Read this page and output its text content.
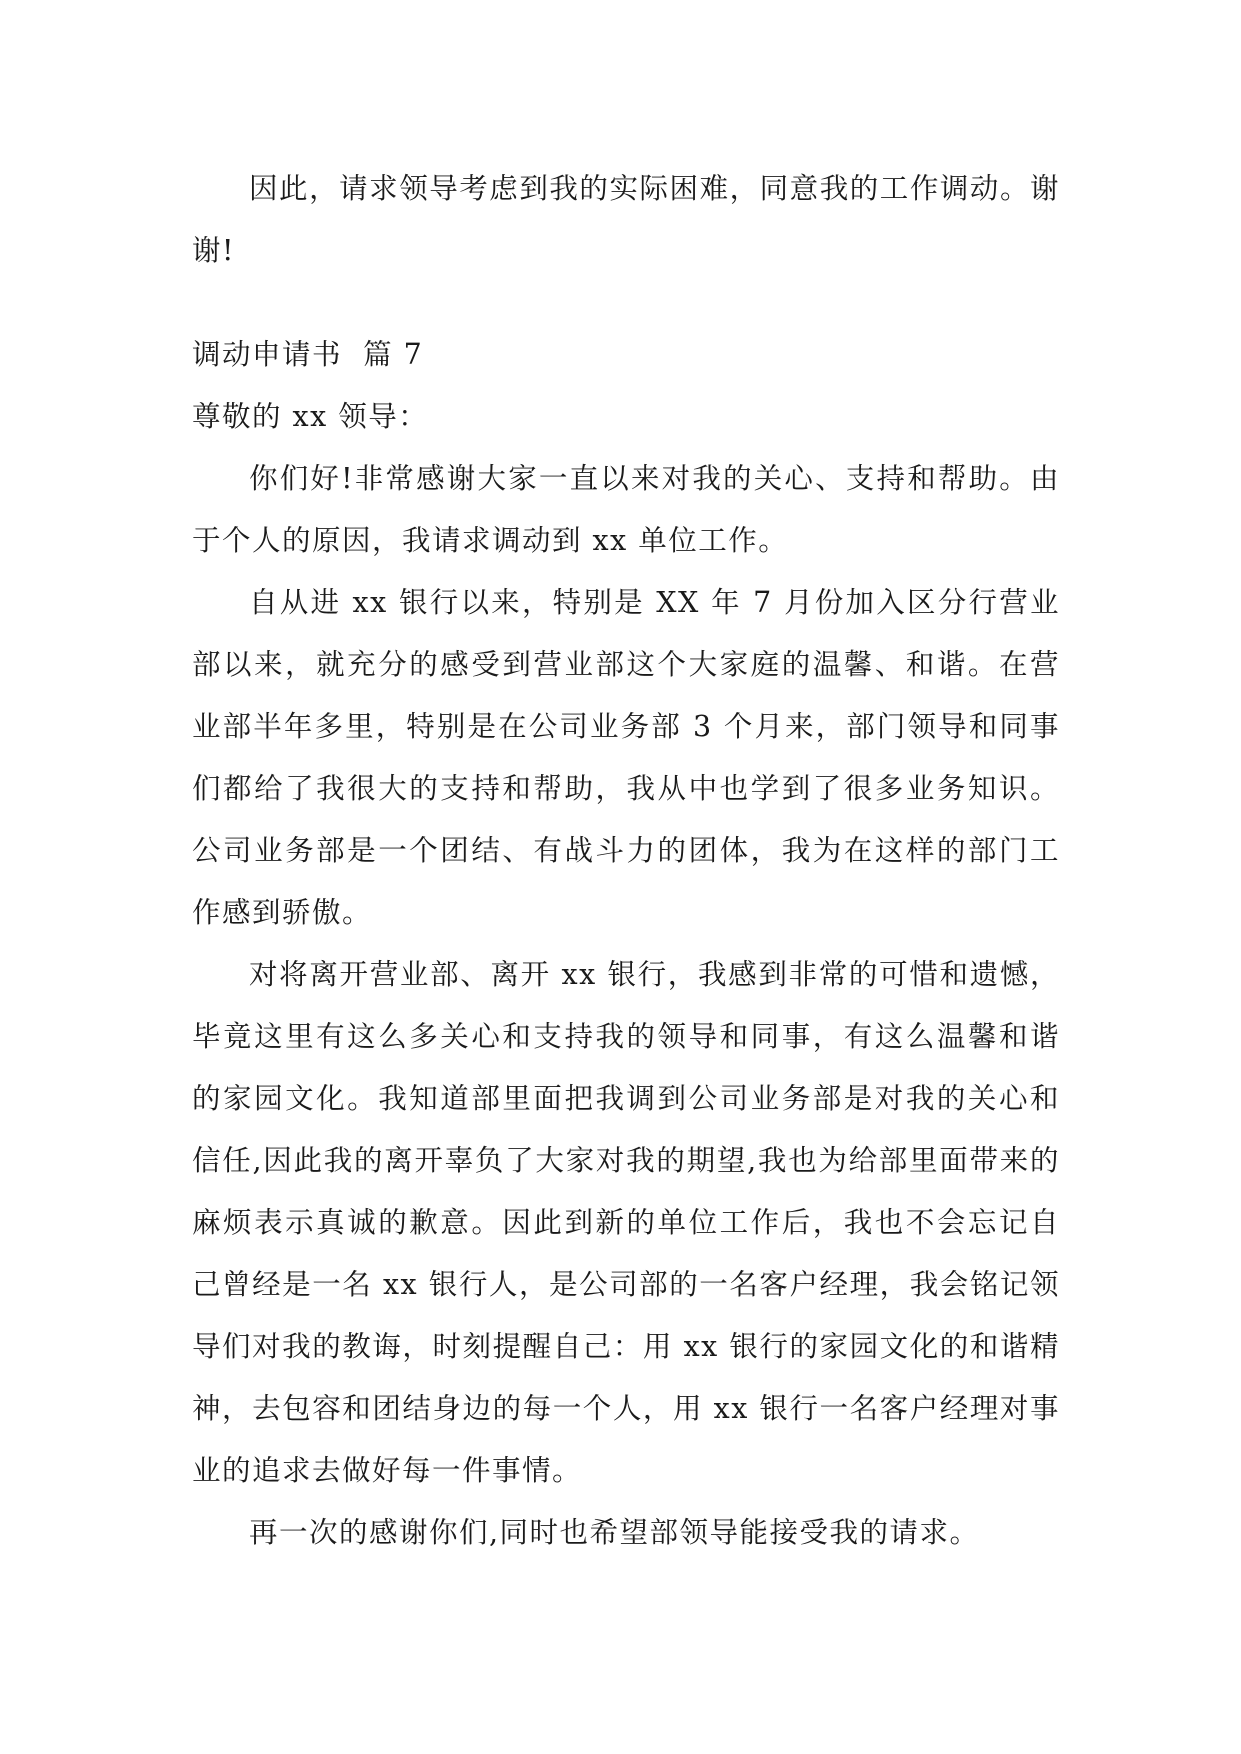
因此，请求领导考虑到我的实际困难，同意我的工作调动。谢谢!

调动申请书  篇 7

尊敬的 xx 领导：

你们好!非常感谢大家一直以来对我的关心、支持和帮助。由于个人的原因，我请求调动到 xx 单位工作。

自从进 xx 银行以来，特别是 XX 年 7 月份加入区分行营业部以来，就充分的感受到营业部这个大家庭的温馨、和谐。在营业部半年多里，特别是在公司业务部 3 个月来，部门领导和同事们都给了我很大的支持和帮助，我从中也学到了很多业务知识。公司业务部是一个团结、有战斗力的团体，我为在这样的部门工作感到骄傲。

对将离开营业部、离开 xx 银行，我感到非常的可惜和遗憾，毕竟这里有这么多关心和支持我的领导和同事，有这么温馨和谐的家园文化。我知道部里面把我调到公司业务部是对我的关心和信任,因此我的离开辜负了大家对我的期望,我也为给部里面带来的麻烦表示真诚的歉意。因此到新的单位工作后，我也不会忘记自己曾经是一名 xx 银行人，是公司部的一名客户经理，我会铭记领导们对我的教诲，时刻提醒自己：用 xx 银行的家园文化的和谐精神，去包容和团结身边的每一个人，用 xx 银行一名客户经理对事业的追求去做好每一件事情。

再一次的感谢你们,同时也希望部领导能接受我的请求。
